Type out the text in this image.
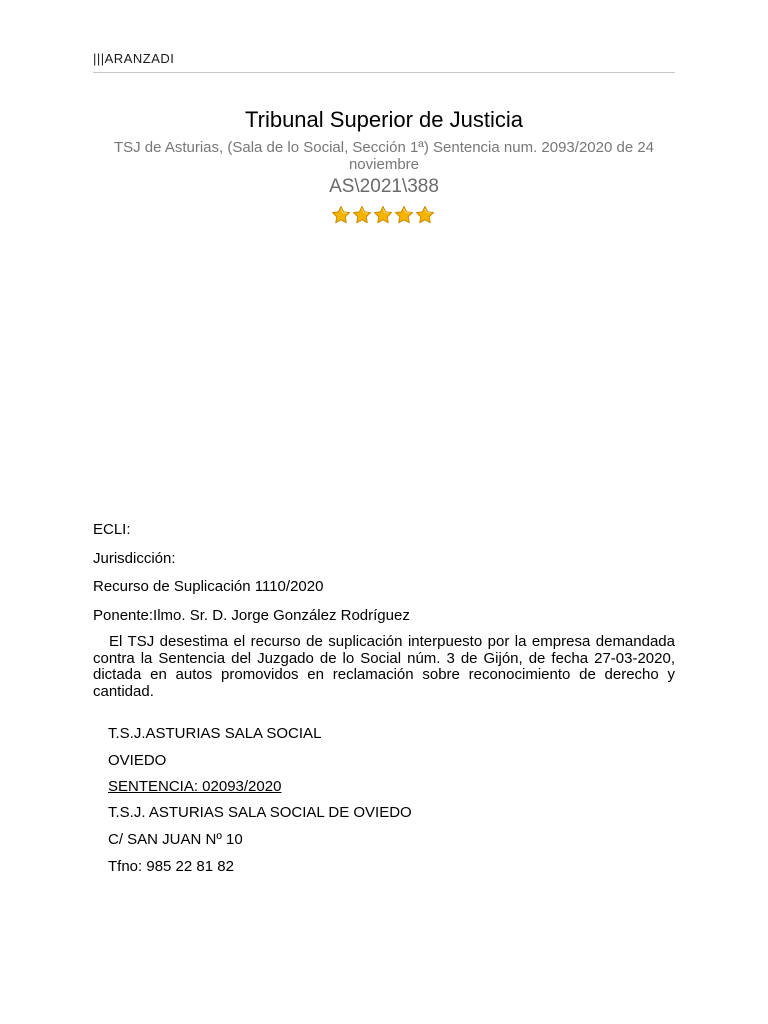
|||ARANZADI
Tribunal Superior de Justicia
TSJ de Asturias, (Sala de lo Social, Sección 1ª) Sentencia num. 2093/2020 de 24 noviembre
AS\2021\388
ECLI:
Jurisdicción:
Recurso de Suplicación 1110/2020
Ponente:Ilmo. Sr. D. Jorge González Rodríguez
El TSJ desestima el recurso de suplicación interpuesto por la empresa demandada contra la Sentencia del Juzgado de lo Social núm. 3 de Gijón, de fecha 27-03-2020, dictada en autos promovidos en reclamación sobre reconocimiento de derecho y cantidad.
T.S.J.ASTURIAS SALA SOCIAL
OVIEDO
SENTENCIA: 02093/2020
T.S.J. ASTURIAS SALA SOCIAL DE OVIEDO
C/ SAN JUAN Nº 10
Tfno: 985 22 81 82
